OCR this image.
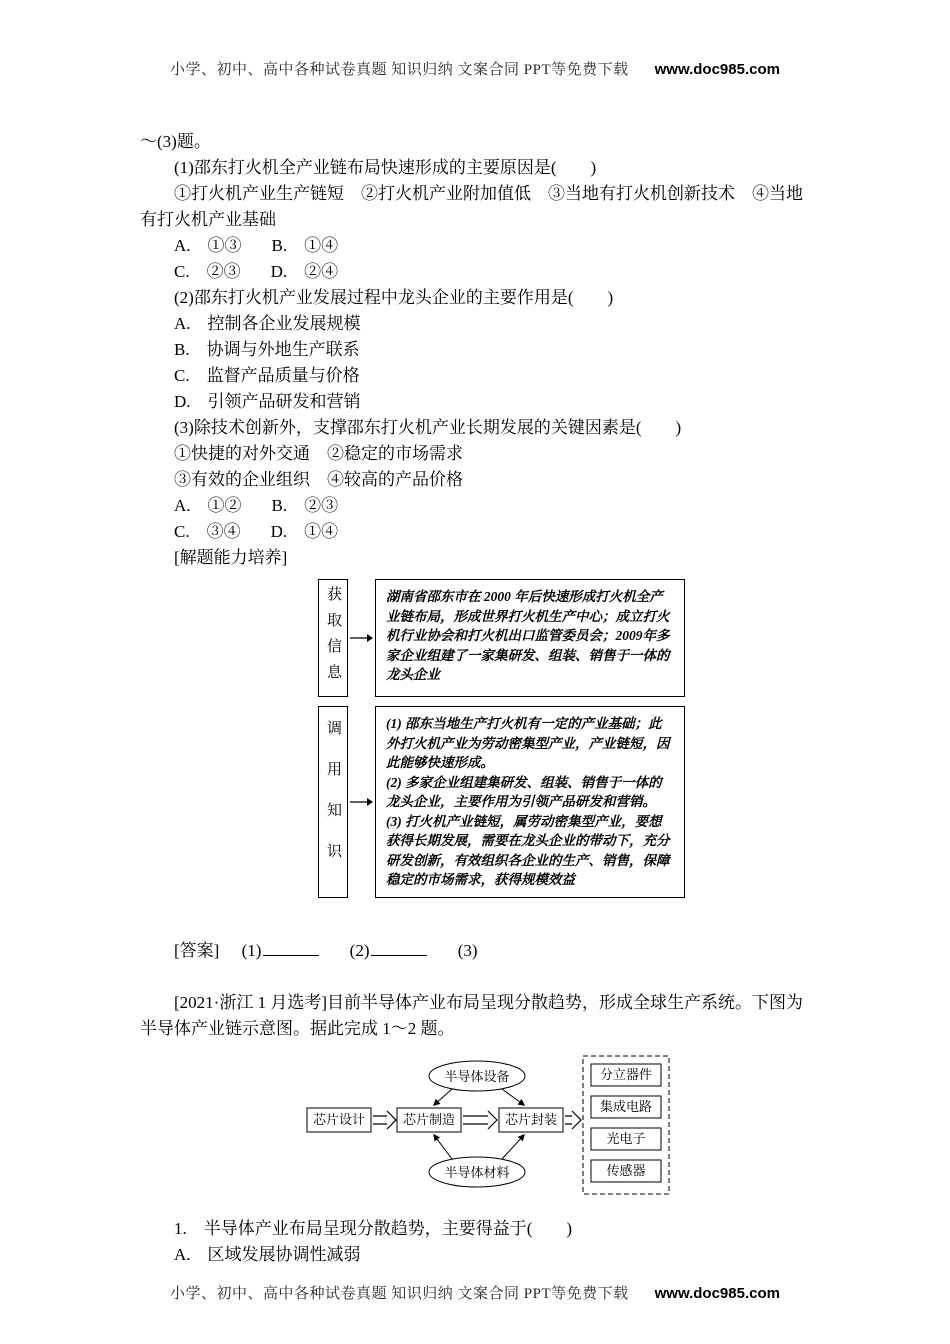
小学、初中、高中各种试卷真题 知识归纳 文案合同 PPT等免费下载 www.doc985.com
～(3)题。
(1)邵东打火机全产业链布局快速形成的主要原因是(　　)
①打火机产业生产链短　②打火机产业附加值低　③当地有打火机创新技术　④当地有打火机产业基础
A.　①③ B.　①④
C.　②③ D.　②④
(2)邵东打火机产业发展过程中龙头企业的主要作用是(　　)
A.　控制各企业发展规模
B.　协调与外地生产联系
C.　监督产品质量与价格
D.　引领产品研发和营销
(3)除技术创新外，支撑邵东打火机产业长期发展的关键因素是(　　)
①快捷的对外交通　②稳定的市场需求
③有效的企业组织　④较高的产品价格
A.　①② B.　②③
C.　③④ D.　①④
[解题能力培养]
获取信息	湖南省邵东市在 2000 年后快速形成打火机全产业链布局，形成世界打火机生产中心；成立打火机行业协会和打火机出口监管委员会；2009年多家企业组建了一家集研发、组装、销售于一体的龙头企业

调用知识	(1) 邵东当地生产打火机有一定的产业基础；此外打火机产业为劳动密集型产业，产业链短，因此能够快速形成。

(2) 多家企业组建集研发、组装、销售于一体的龙头企业，主要作用为引领产品研发和营销。

(3) 打火机产业链短，属劳动密集型产业，要想获得长期发展，需要在龙头企业的带动下，充分研发创新，有效组织各企业的生产、销售，保障稳定的市场需求，获得规模效益

[答案] (1)	(2)	(3)
[2021·浙江 1 月选考]目前半导体产业布局呈现分散趋势，形成全球生产系统。下图为半导体产业链示意图。据此完成 1～2 题。
半导体设备
芯片设计	芯片制造	芯片封装
半导体材料
分立器件
集成电路
光电子
传感器
1.　半导体产业布局呈现分散趋势，主要得益于(　　)
A.　区域发展协调性减弱
小学、初中、高中各种试卷真题 知识归纳 文案合同 PPT等免费下载 www.doc985.com
